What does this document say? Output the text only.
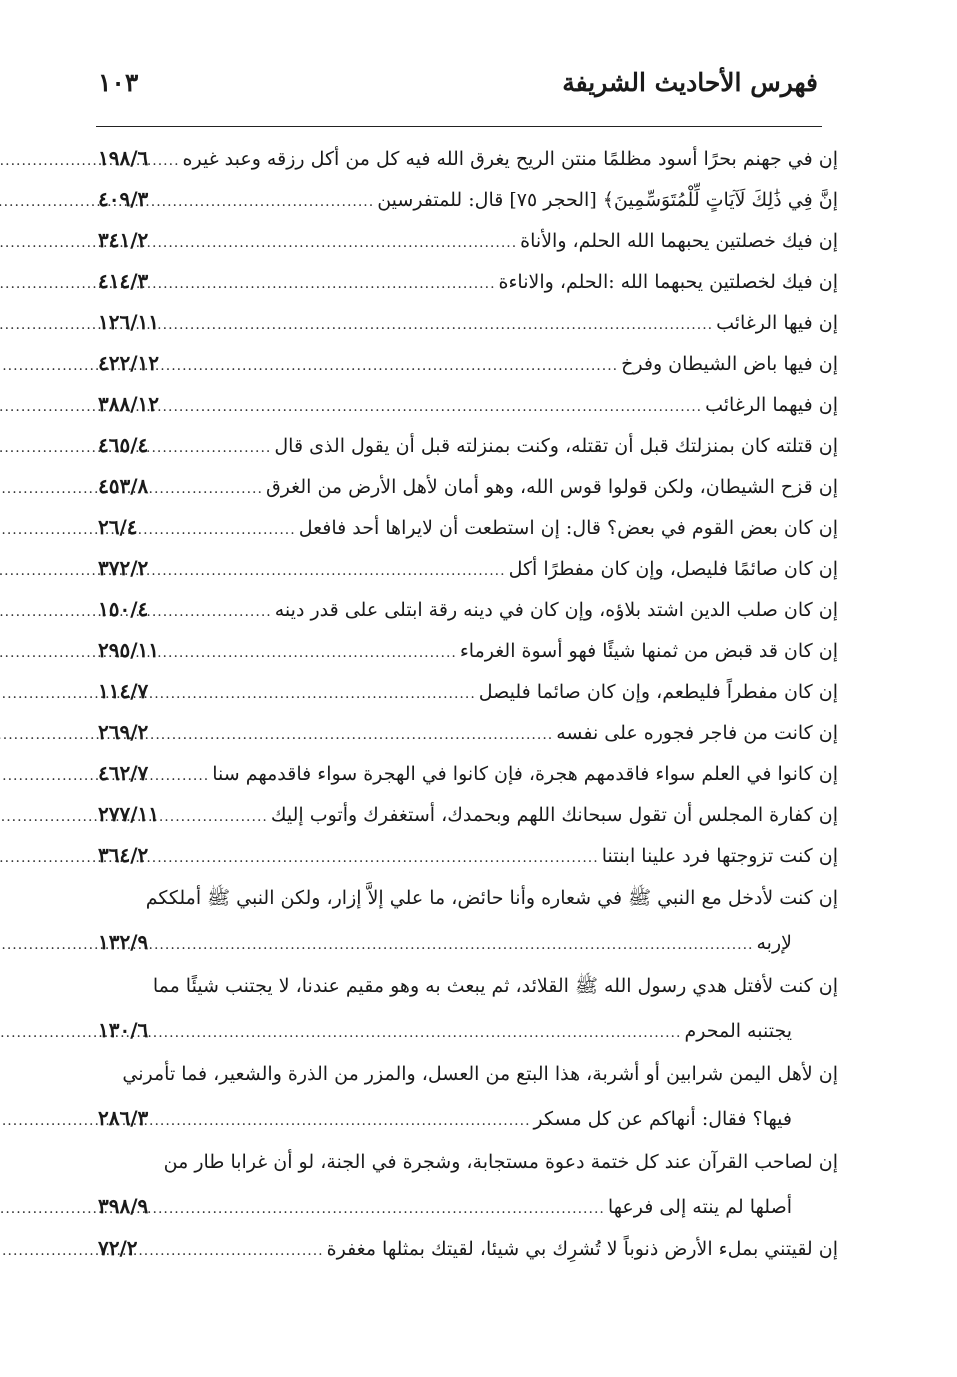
فهرس الأحاديث الشريفة
١٠٣
إن في جهنم بحرًا أسود مظلمًا منتن الريح يغرق الله فيه كل من أكل رزقه وعبد غيره
.....
١٩٨/٦
إنَّ فِي ذَٰلِكَ لَآيَاتٍ لِّلْمُتَوَسِّمِينَ﴾ [الحجر ٧٥] قال: للمتفرسين
.....
٤٠٩/٣
إن فيك خصلتين يحبهما الله الحلم، والأناة
.....
٣٤١/٢
إن فيك لخصلتين يحبهما الله :الحلم، والاناءة
.....
٤١٤/٣
إن فيها الرغائب
.....
١٢٦/١١
إن فيها باض الشيطان وفرخ
.....
٤٢٢/١٢
إن فيهما الرغائب
.....
٣٨٨/١٢
إن قتلته كان بمنزلتك قبل أن تقتله، وكنت بمنزلته قبل أن يقول الذى قال
.....
٤٦٥/٤
إن قزح الشيطان، ولكن قولوا قوس الله، وهو أمان لأهل الأرض من الغرق
.....
٤٥٣/٨
إن كان بعض القوم في بعض؟ قال: إن استطعت أن لايراها أحد فافعل
.....
٢٦/٤
إن كان صائمًا فليصل، وإن كان مفطرًا أكل
.....
٣٧٢/٢
إن كان صلب الدين اشتد بلاؤه، وإن كان في دينه رقة ابتلى على قدر دينه
.....
١٥٠/٤
إن كان قد قبض من ثمنها شيئًا فهو أسوة الغرماء
.....
٢٩٥/١١
إن كان مفطراً فليطعم، وإن كان صائما فليصل
.....
١١٤/٧
إن كانت من فاجر فجوره على نفسه
.....
٢٦٩/٢
إن كانوا في العلم سواء فاقدمهم هجرة، فإن كانوا في الهجرة سواء فاقدمهم سنا
.....
٤٦٢/٧
إن كفارة المجلس أن تقول سبحانك اللهم وبحمدك، أستغفرك وأتوب إليك
.....
٢٧٧/١١
إن كنت تزوجتها فرد علينا ابنتنا
.....
٣٦٤/٢
إن كنت لأدخل مع النبي ﷺ في شعاره وأنا حائض، ما علي إلاَّ إزار، ولكن النبي ﷺ أملككم
لإربه
.....
١٣٢/٩
إن كنت لأفتل هدي رسول الله ﷺ القلائد، ثم يبعث به وهو مقيم عندنا، لا يجتنب شيئًا مما
يجتنبه المحرم
.....
١٣٠/٦
إن لأهل اليمن شرابين أو أشربة، هذا البتع من العسل، والمزر من الذرة والشعير، فما تأمرني
فيها؟ فقال: أنهاكم عن كل مسكر
.....
٢٨٦/٣
إن لصاحب القرآن عند كل ختمة دعوة مستجابة، وشجرة في الجنة، لو أن غرابا طار من
أصلها لم ينته إلى فرعها
.....
٣٩٨/٩
إن لقيتني بملء الأرض ذنوباً لا تُشرِك بي شيئا، لقيتك بمثلها مغفرة
.....
٧٢/٢
